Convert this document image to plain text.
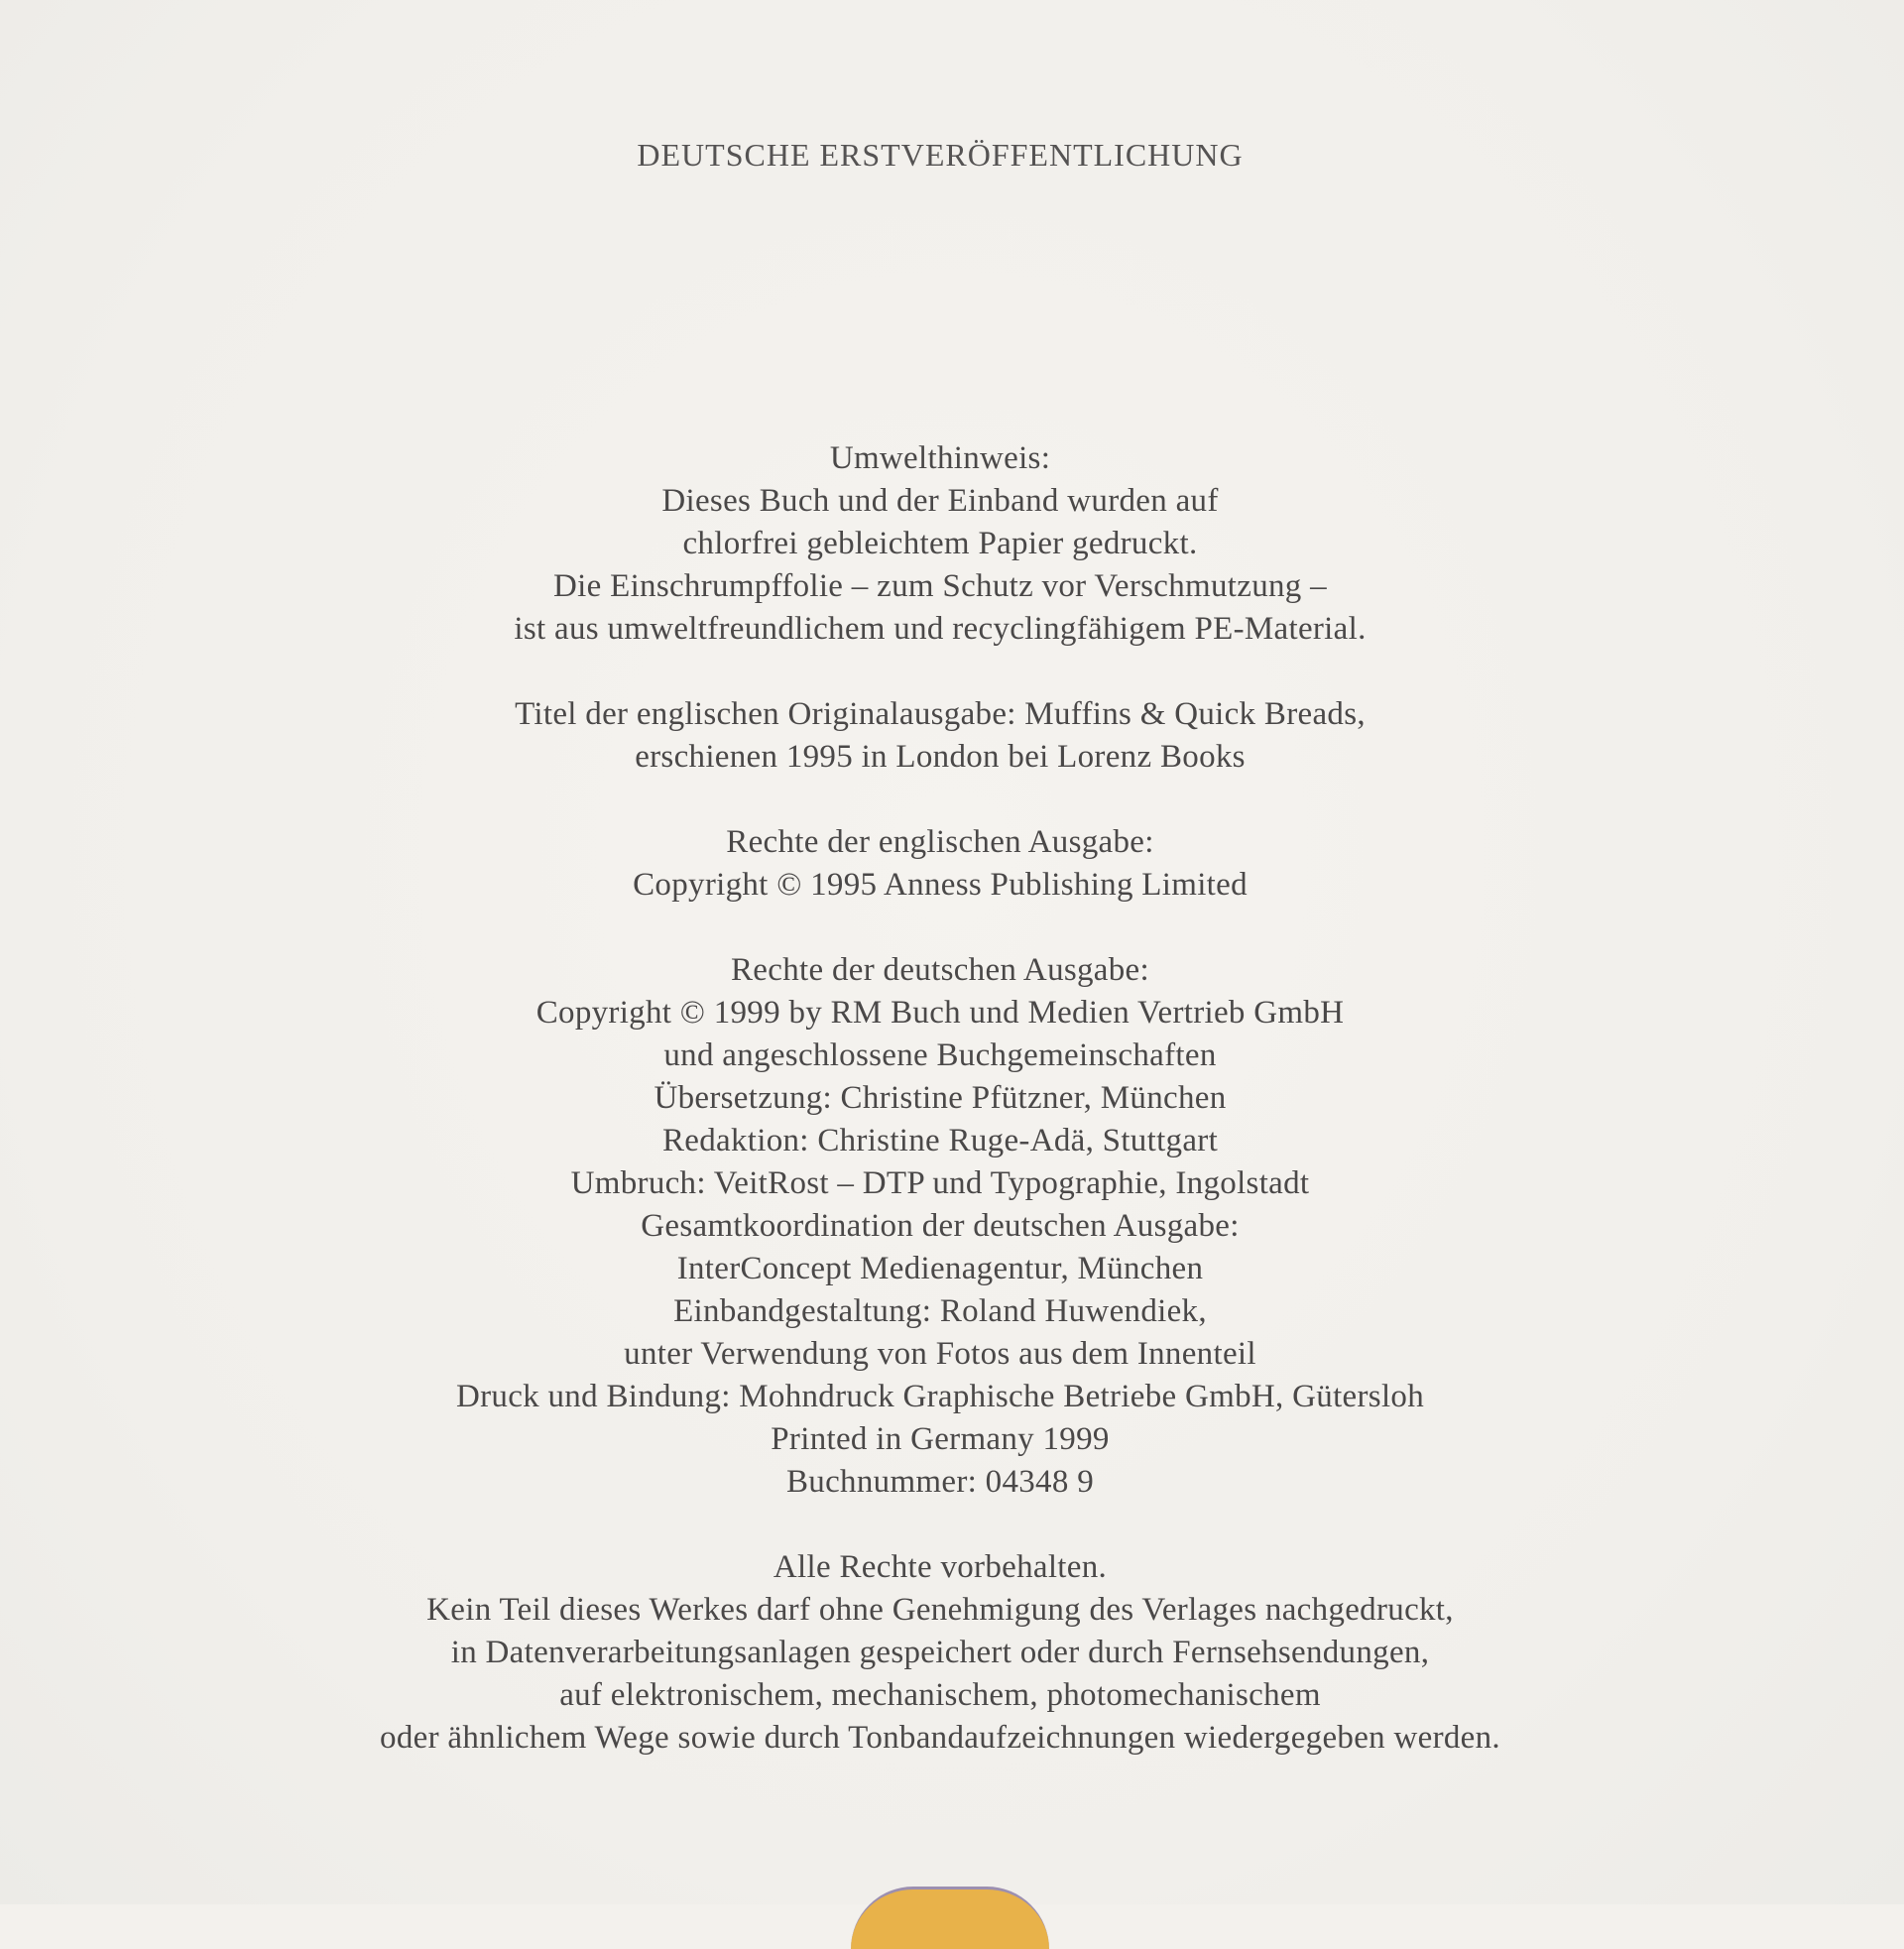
DEUTSCHE ERSTVERÖFFENTLICHUNG
Umwelthinweis:
Dieses Buch und der Einband wurden auf
chlorfrei gebleichtem Papier gedruckt.
Die Einschrumpffolie – zum Schutz vor Verschmutzung –
ist aus umweltfreundlichem und recyclingfähigem PE-Material.
Titel der englischen Originalausgabe: Muffins & Quick Breads,
erschienen 1995 in London bei Lorenz Books
Rechte der englischen Ausgabe:
Copyright © 1995 Anness Publishing Limited
Rechte der deutschen Ausgabe:
Copyright © 1999 by RM Buch und Medien Vertrieb GmbH
und angeschlossene Buchgemeinschaften
Übersetzung: Christine Pfützner, München
Redaktion: Christine Ruge-Adä, Stuttgart
Umbruch: VeitRost – DTP und Typographie, Ingolstadt
Gesamtkoordination der deutschen Ausgabe:
InterConcept Medienagentur, München
Einbandgestaltung: Roland Huwendiek,
unter Verwendung von Fotos aus dem Innenteil
Druck und Bindung: Mohndruck Graphische Betriebe GmbH, Gütersloh
Printed in Germany 1999
Buchnummer: 04348 9
Alle Rechte vorbehalten.
Kein Teil dieses Werkes darf ohne Genehmigung des Verlages nachgedruckt,
in Datenverarbeitungsanlagen gespeichert oder durch Fernsehsendungen,
auf elektronischem, mechanischem, photomechanischem
oder ähnlichem Wege sowie durch Tonbandaufzeichnungen wiedergegeben werden.
